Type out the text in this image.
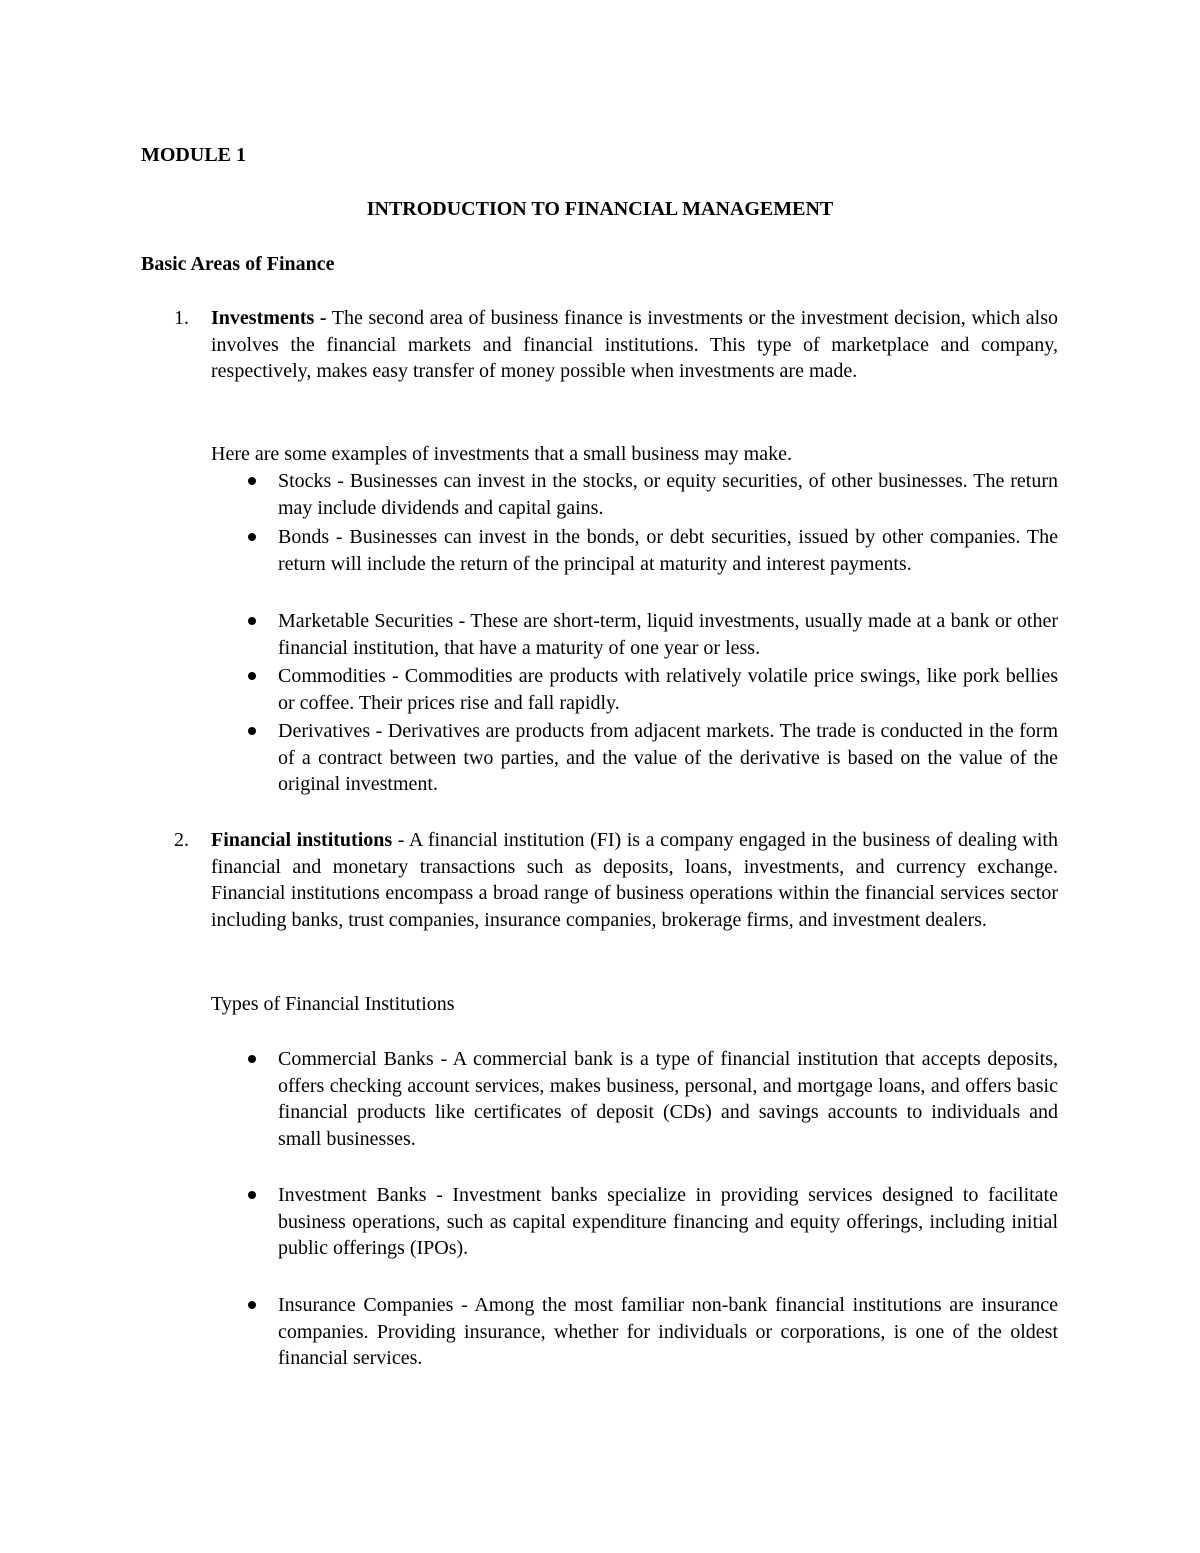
MODULE 1
INTRODUCTION TO FINANCIAL MANAGEMENT
Basic Areas of Finance
1. Investments - The second area of business finance is investments or the investment decision, which also involves the financial markets and financial institutions. This type of marketplace and company, respectively, makes easy transfer of money possible when investments are made.
Here are some examples of investments that a small business may make.
Stocks - Businesses can invest in the stocks, or equity securities, of other businesses. The return may include dividends and capital gains.
Bonds - Businesses can invest in the bonds, or debt securities, issued by other companies. The return will include the return of the principal at maturity and interest payments.
Marketable Securities - These are short-term, liquid investments, usually made at a bank or other financial institution, that have a maturity of one year or less.
Commodities - Commodities are products with relatively volatile price swings, like pork bellies or coffee. Their prices rise and fall rapidly.
Derivatives - Derivatives are products from adjacent markets. The trade is conducted in the form of a contract between two parties, and the value of the derivative is based on the value of the original investment.
2. Financial institutions - A financial institution (FI) is a company engaged in the business of dealing with financial and monetary transactions such as deposits, loans, investments, and currency exchange. Financial institutions encompass a broad range of business operations within the financial services sector including banks, trust companies, insurance companies, brokerage firms, and investment dealers.
Types of Financial Institutions
Commercial Banks - A commercial bank is a type of financial institution that accepts deposits, offers checking account services, makes business, personal, and mortgage loans, and offers basic financial products like certificates of deposit (CDs) and savings accounts to individuals and small businesses.
Investment Banks - Investment banks specialize in providing services designed to facilitate business operations, such as capital expenditure financing and equity offerings, including initial public offerings (IPOs).
Insurance Companies - Among the most familiar non-bank financial institutions are insurance companies. Providing insurance, whether for individuals or corporations, is one of the oldest financial services.
